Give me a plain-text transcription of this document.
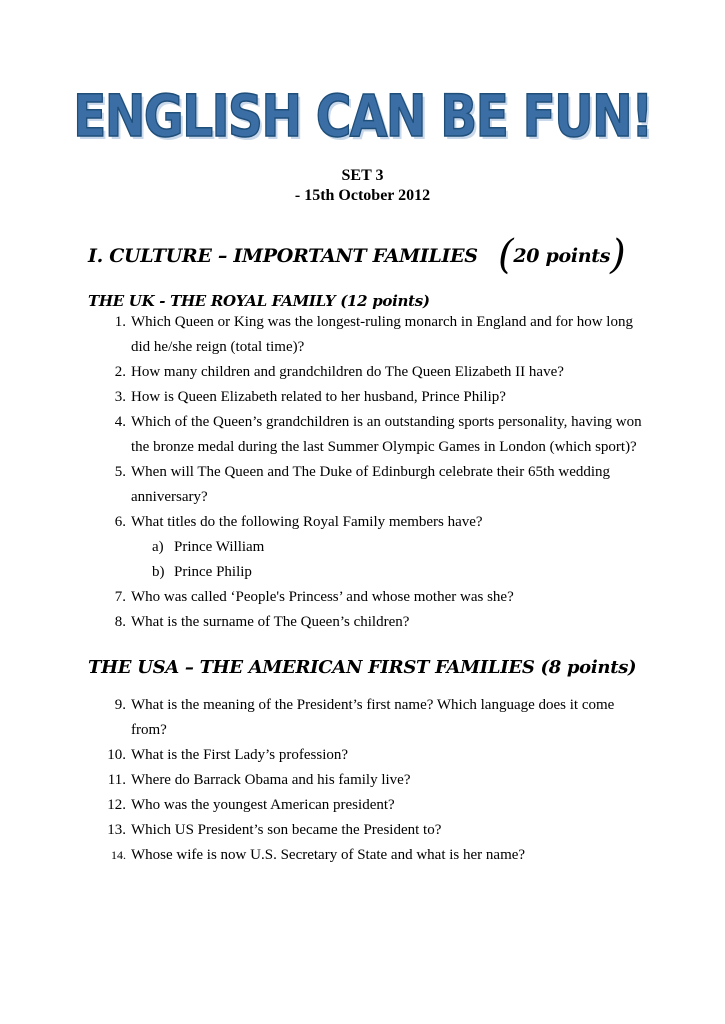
ENGLISH CAN BE FUN!
SET 3
- 15th October 2012
I. CULTURE – IMPORTANT FAMILIES (20 points)
THE UK - THE ROYAL FAMILY (12 points)
1. Which Queen or King was the longest-ruling monarch in England and for how long
did he/she reign (total time)?
2. How many children and grandchildren do The Queen Elizabeth II have?
3. How is Queen Elizabeth related to her husband, Prince Philip?
4. Which of the Queen’s grandchildren is an outstanding sports personality, having won
the bronze medal during the last Summer Olympic Games in London (which sport)?
5. When will The Queen and The Duke of Edinburgh celebrate their 65th wedding
anniversary?
6. What titles do the following Royal Family members have?
a) Prince William
b) Prince Philip
7. Who was called ‘People's Princess’ and whose mother was she?
8. What is the surname of The Queen’s children?
THE USA – THE AMERICAN FIRST FAMILIES (8 points)
9. What is the meaning of the President’s first name? Which language does it come
from?
10. What is the First Lady’s profession?
11. Where do Barrack Obama and his family live?
12. Who was the youngest American president?
13. Which US President’s son became the President to?
14. Whose wife is now U.S. Secretary of State and what is her name?
